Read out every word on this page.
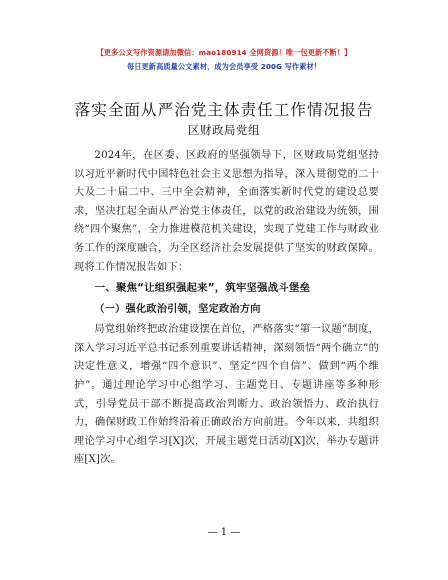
【更多公文写作资源请加微信：mao180914 全网资源！唯一包更新不断！】
每日更新高质量公文素材，成为会员享受 200G 写作素材！
落实全面从严治党主体责任工作情况报告
区财政局党组

2024年，在区委、区政府的坚强领导下，区财政局党组坚持以习近平新时代中国特色社会主义思想为指导，深入贯彻党的二十大及二十届二中、三中全会精神，全面落实新时代党的建设总要求，坚决扛起全面从严治党主体责任，以党的政治建设为统领，围绕“四个聚焦”，全力推进模范机关建设，实现了党建工作与财政业务工作的深度融合，为全区经济社会发展提供了坚实的财政保障。现将工作情况报告如下：

一、聚焦“让组织强起来”，筑牢坚强战斗堡垒

（一）强化政治引领，坚定政治方向

局党组始终把政治建设摆在首位，严格落实“第一议题”制度，深入学习习近平总书记系列重要讲话精神，深刻领悟“两个确立”的决定性意义，增强“四个意识”、坚定“四个自信”、做到“两个维护”。通过理论学习中心组学习、主题党日、专题讲座等多种形式，引导党员干部不断提高政治判断力、政治领悟力、政治执行力，确保财政工作始终沿着正确政治方向前进。今年以来，共组织理论学习中心组学习[X]次，开展主题党日活动[X]次，举办专题讲座[X]次。

— 1 —
